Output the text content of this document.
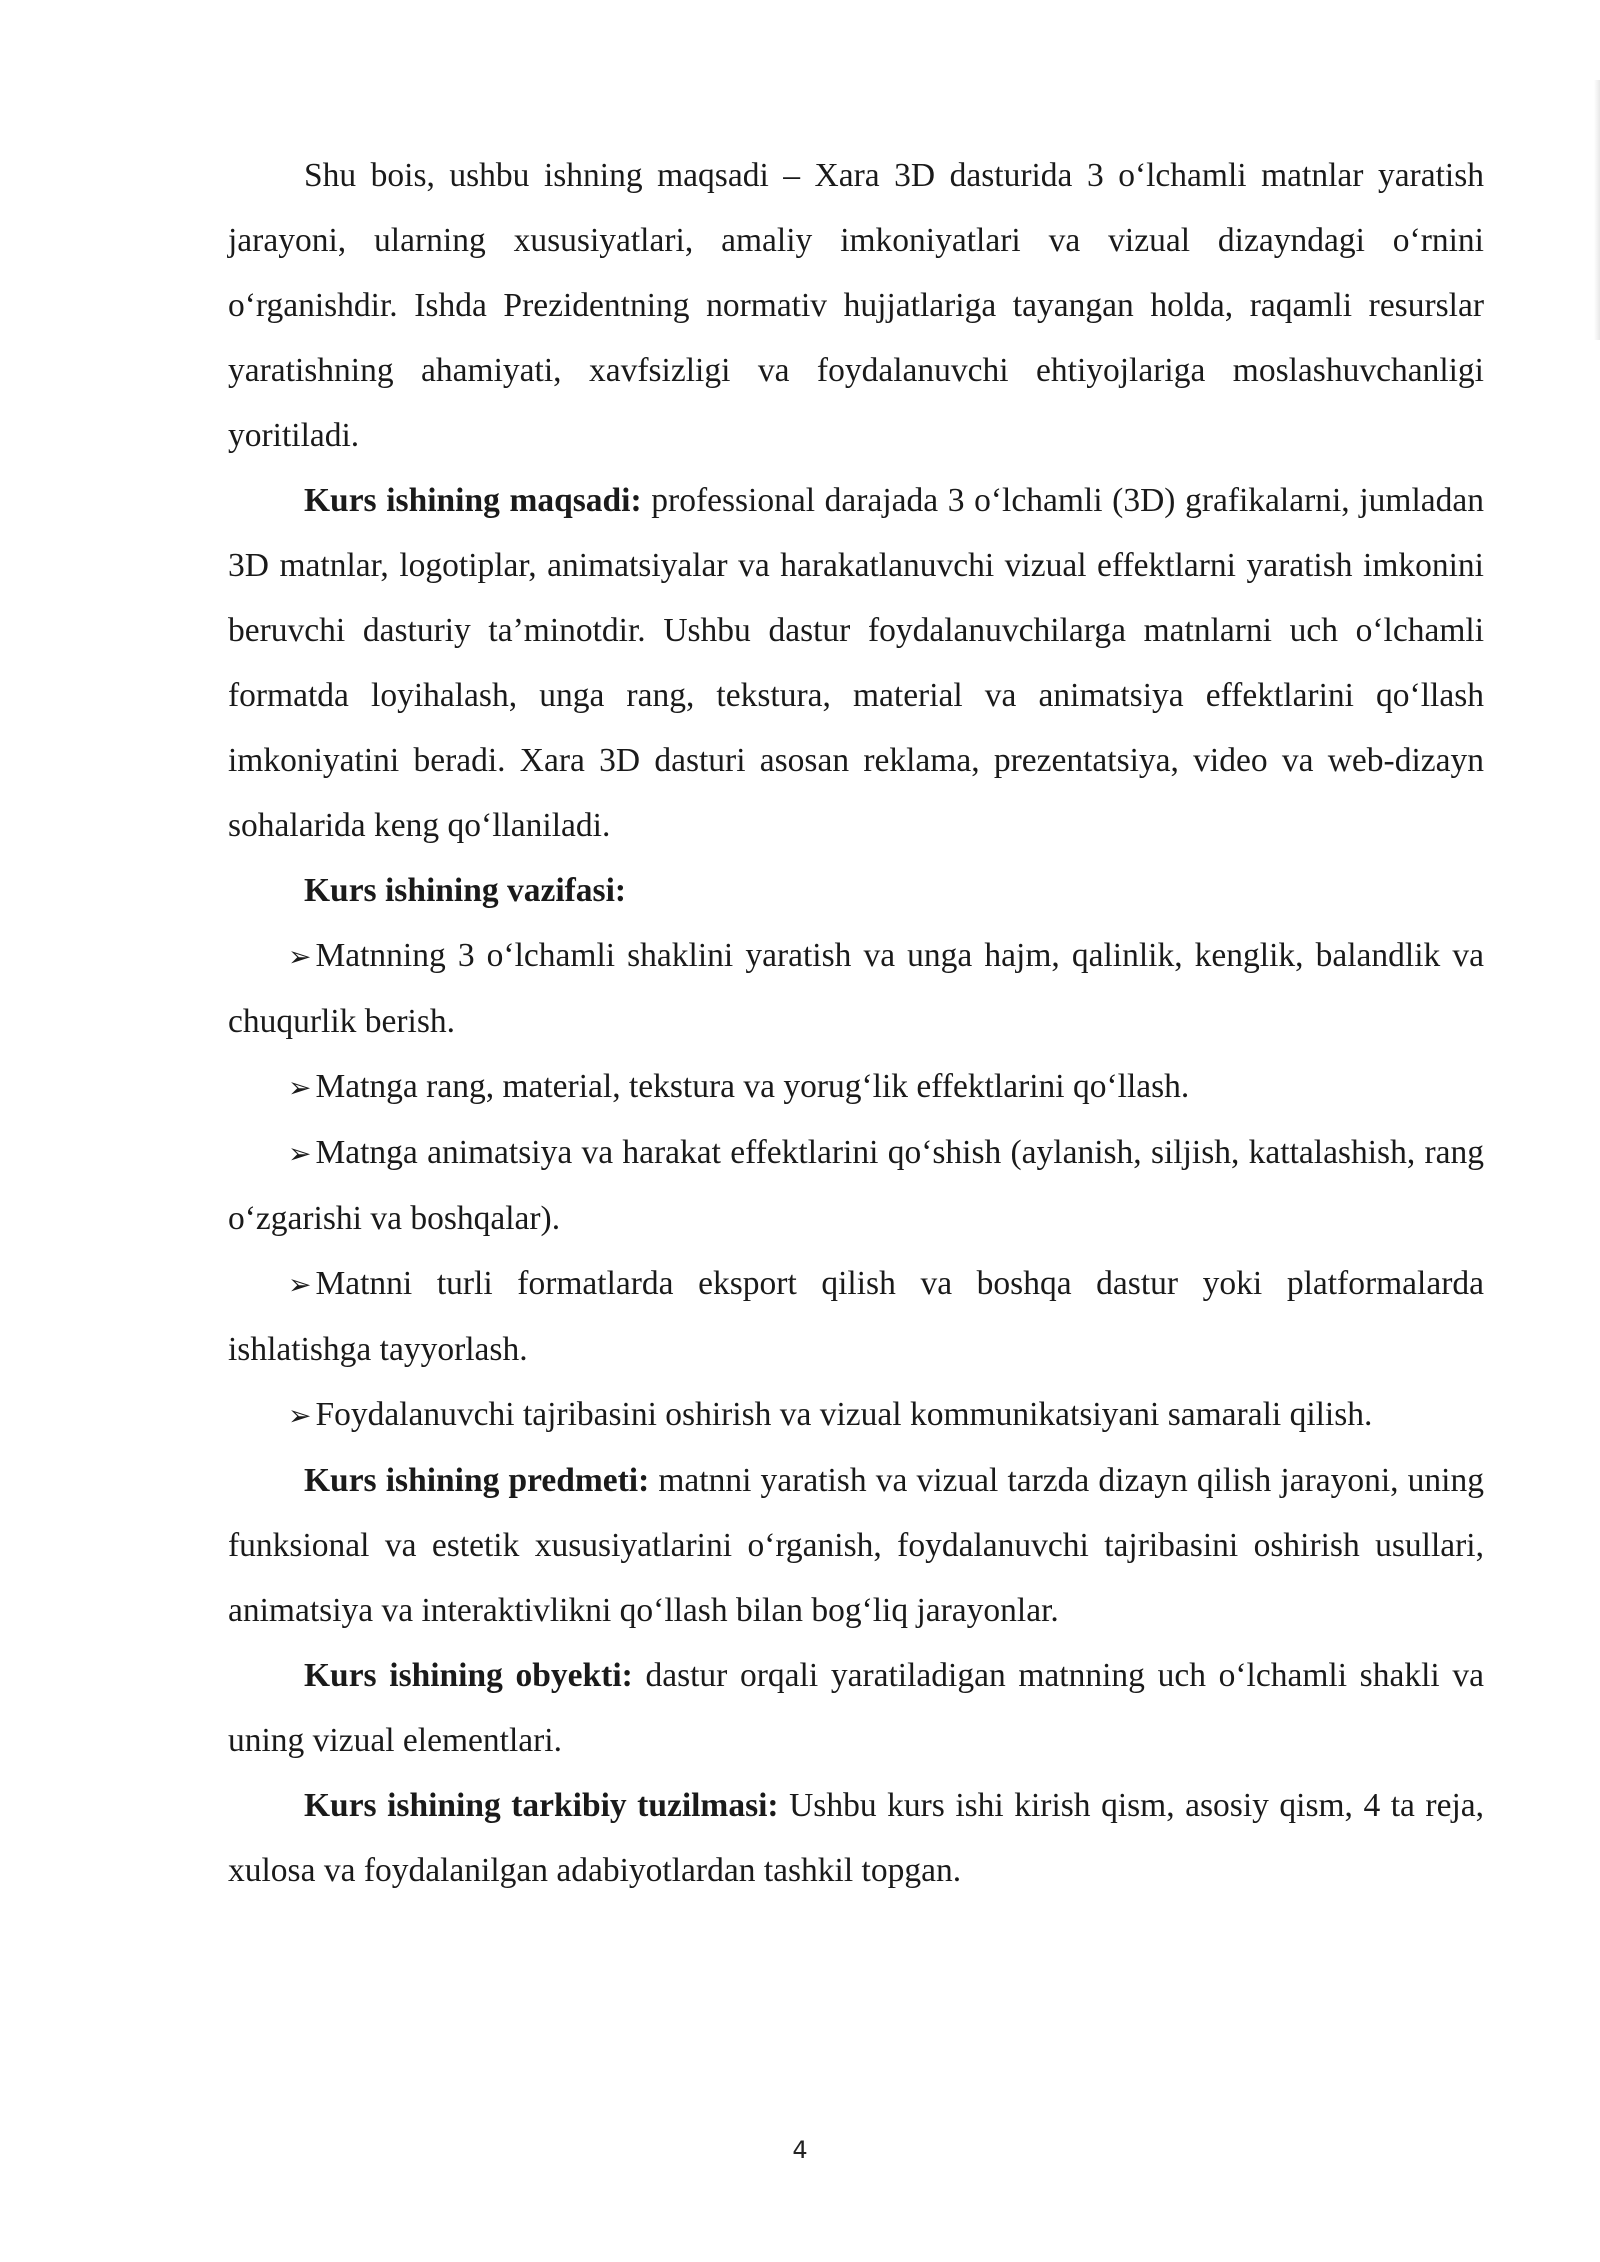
Shu bois, ushbu ishning maqsadi – Xara 3D dasturida 3 o‘lchamli matnlar yaratish jarayoni, ularning xususiyatlari, amaliy imkoniyatlari va vizual dizayndagi o‘rnini o‘rganishdir. Ishda Prezidentning normativ hujjatlariga tayangan holda, raqamli resurslar yaratishning ahamiyati, xavfsizligi va foydalanuvchi ehtiyojlariga moslashuvchanligi yoritiladi.

Kurs ishining maqsadi: professional darajada 3 o‘lchamli (3D) grafikalarni, jumladan 3D matnlar, logotiplar, animatsiyalar va harakatlanuvchi vizual effektlarni yaratish imkonini beruvchi dasturiy ta’minotdir. Ushbu dastur foydalanuvchilarga matnlarni uch o‘lchamli formatda loyihalash, unga rang, tekstura, material va animatsiya effektlarini qo‘llash imkoniyatini beradi. Xara 3D dasturi asosan reklama, prezentatsiya, video va web-dizayn sohalarida keng qo‘llaniladi.

Kurs ishining vazifasi:

➢ Matnning 3 o‘lchamli shaklini yaratish va unga hajm, qalinlik, kenglik, balandlik va chuqurlik berish.

➢ Matnga rang, material, tekstura va yorug‘lik effektlarini qo‘llash.

➢ Matnga animatsiya va harakat effektlarini qo‘shish (aylanish, siljish, kattalashish, rang o‘zgarishi va boshqalar).

➢ Matnni turli formatlarda eksport qilish va boshqa dastur yoki platformalarda ishlatishga tayyorlash.

➢ Foydalanuvchi tajribasini oshirish va vizual kommunikatsiyani samarali qilish.

Kurs ishining predmeti: matnni yaratish va vizual tarzda dizayn qilish jarayoni, uning funksional va estetik xususiyatlarini o‘rganish, foydalanuvchi tajribasini oshirish usullari, animatsiya va interaktivlikni qo‘llash bilan bog‘liq jarayonlar.

Kurs ishining obyekti: dastur orqali yaratiladigan matnning uch o‘lchamli shakli va uning vizual elementlari.

Kurs ishining tarkibiy tuzilmasi: Ushbu kurs ishi kirish qism, asosiy qism, 4 ta reja, xulosa va foydalanilgan adabiyotlardan tashkil topgan.

4
